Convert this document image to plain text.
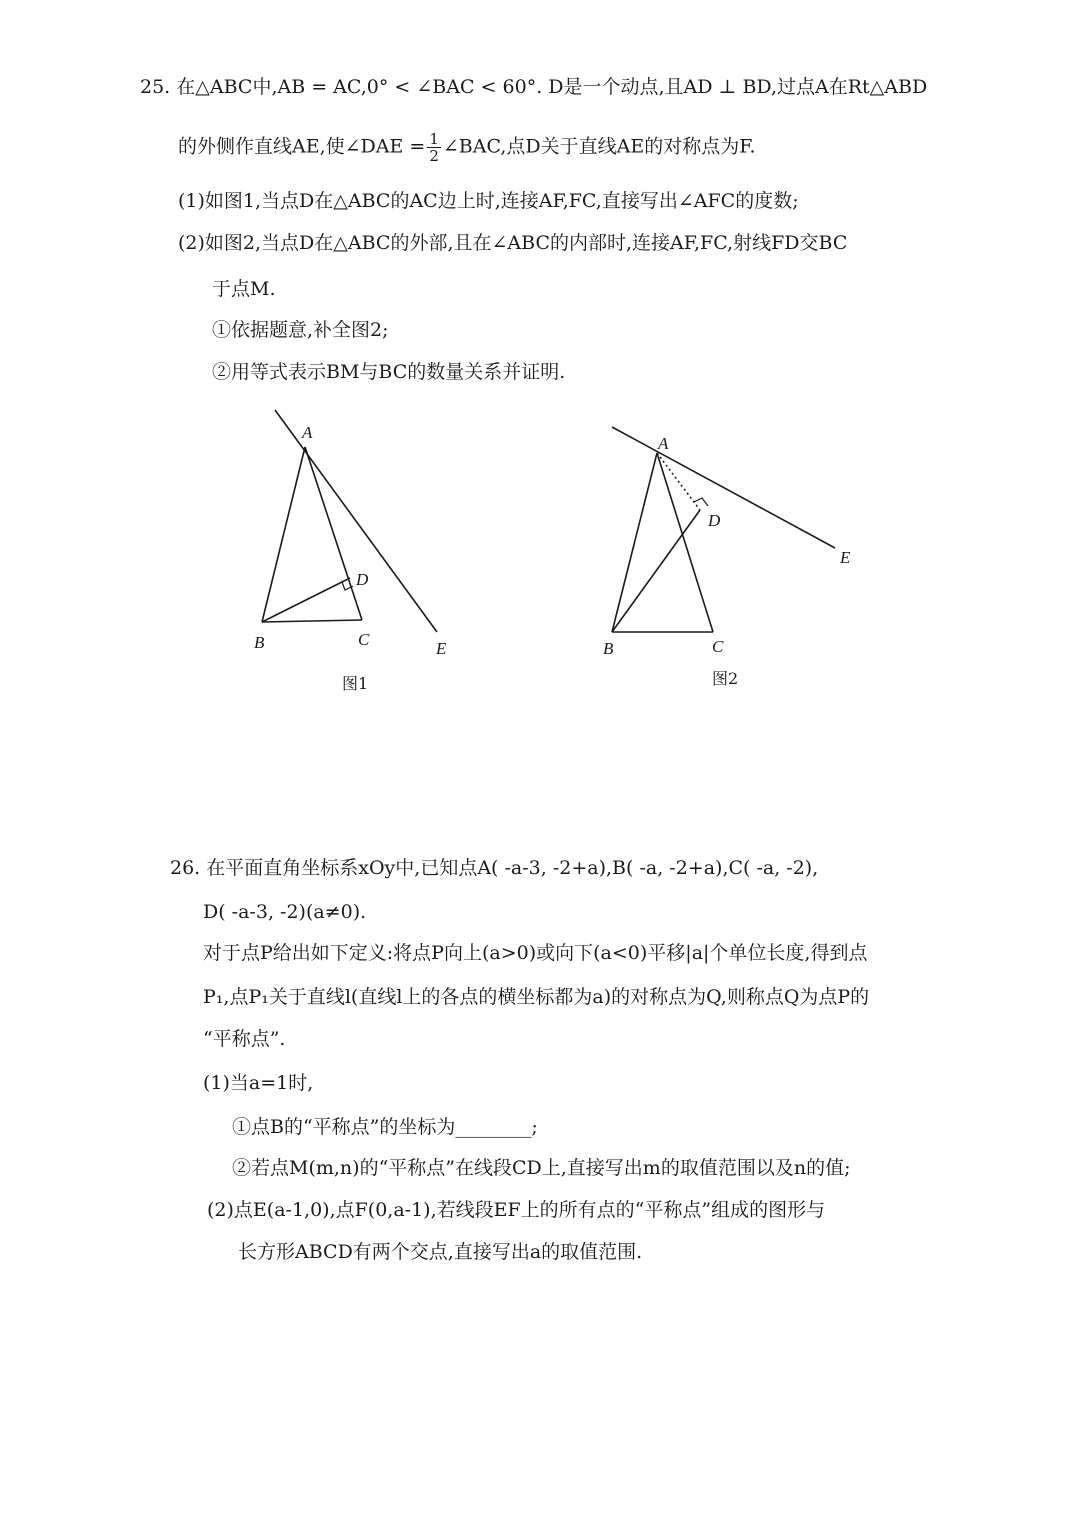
25. 在△ABC中,AB = AC,0° < ∠BAC < 60°. D是一个动点,且AD ⊥ BD,过点A在Rt△ABD
的外侧作直线AE,使∠DAE = $\frac{1}{2}$ ∠BAC,点D关于直线AE的对称点为F.
(1)如图1,当点D在△ABC的AC边上时,连接AF,FC,直接写出∠AFC的度数;
(2)如图2,当点D在△ABC的外部,且在∠ABC的内部时,连接AF,FC,射线FD交BC
于点M.
①依据题意,补全图2;
②用等式表示BM与BC的数量关系并证明.
A
D
B	C	E
图1
A
D
E
B	C
图2
26. 在平面直角坐标系xOy中,已知点A( -a-3, -2+a),B( -a, -2+a),C( -a, -2),
D( -a-3, -2)(a≠0).
对于点P给出如下定义:将点P向上(a>0)或向下(a<0)平移|a|个单位长度,得到点
P₁,点P₁关于直线l(直线l上的各点的横坐标都为a)的对称点为Q,则称点Q为点P的
“平称点”.
(1)当a=1时,
①点B的“平称点”的坐标为________;
②若点M(m,n)的“平称点”在线段CD上,直接写出m的取值范围以及n的值;
(2)点E(a-1,0),点F(0,a-1),若线段EF上的所有点的“平称点”组成的图形与
长方形ABCD有两个交点,直接写出a的取值范围.
